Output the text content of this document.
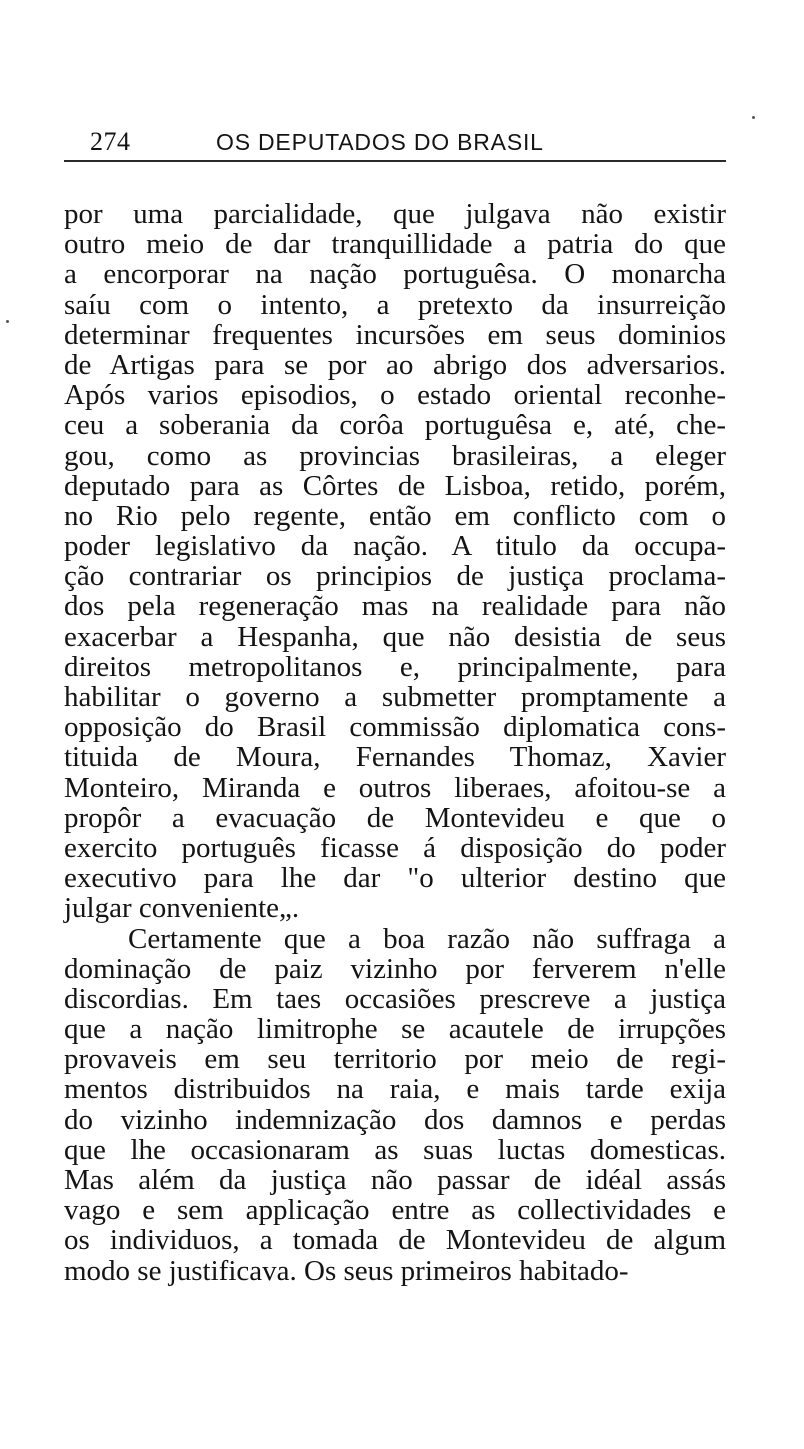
274	OS DEPUTADOS DO BRASIL
por uma parcialidade, que julgava não existir
outro meio de dar tranquillidade a patria do que
a encorporar na nação portuguêsa. O monarcha
saíu com o intento, a pretexto da insurreição
determinar frequentes incursões em seus dominios
de Artigas para se por ao abrigo dos adversarios.
Após varios episodios, o estado oriental reconhe-
ceu a soberania da corôa portuguêsa e, até, che-
gou, como as provincias brasileiras, a eleger
deputado para as Côrtes de Lisboa, retido, porém,
no Rio pelo regente, então em conflicto com o
poder legislativo da nação. A titulo da occupa-
ção contrariar os principios de justiça proclama-
dos pela regeneração mas na realidade para não
exacerbar a Hespanha, que não desistia de seus
direitos metropolitanos e, principalmente, para
habilitar o governo a submetter promptamente a
opposição do Brasil commissão diplomatica cons-
tituida de Moura, Fernandes Thomaz, Xavier
Monteiro, Miranda e outros liberaes, afoitou-se a
propôr a evacuação de Montevideu e que o
exercito português ficasse á disposição do poder
executivo para lhe dar "o ulterior destino que
julgar conveniente„.
Certamente que a boa razão não suffraga a
dominação de paiz vizinho por ferverem n'elle
discordias. Em taes occasiões prescreve a justiça
que a nação limitrophe se acautele de irrupções
provaveis em seu territorio por meio de regi-
mentos distribuidos na raia, e mais tarde exija
do vizinho indemnização dos damnos e perdas
que lhe occasionaram as suas luctas domesticas.
Mas além da justiça não passar de idéal assás
vago e sem applicação entre as collectividades e
os individuos, a tomada de Montevideu de algum
modo se justificava. Os seus primeiros habitado-
